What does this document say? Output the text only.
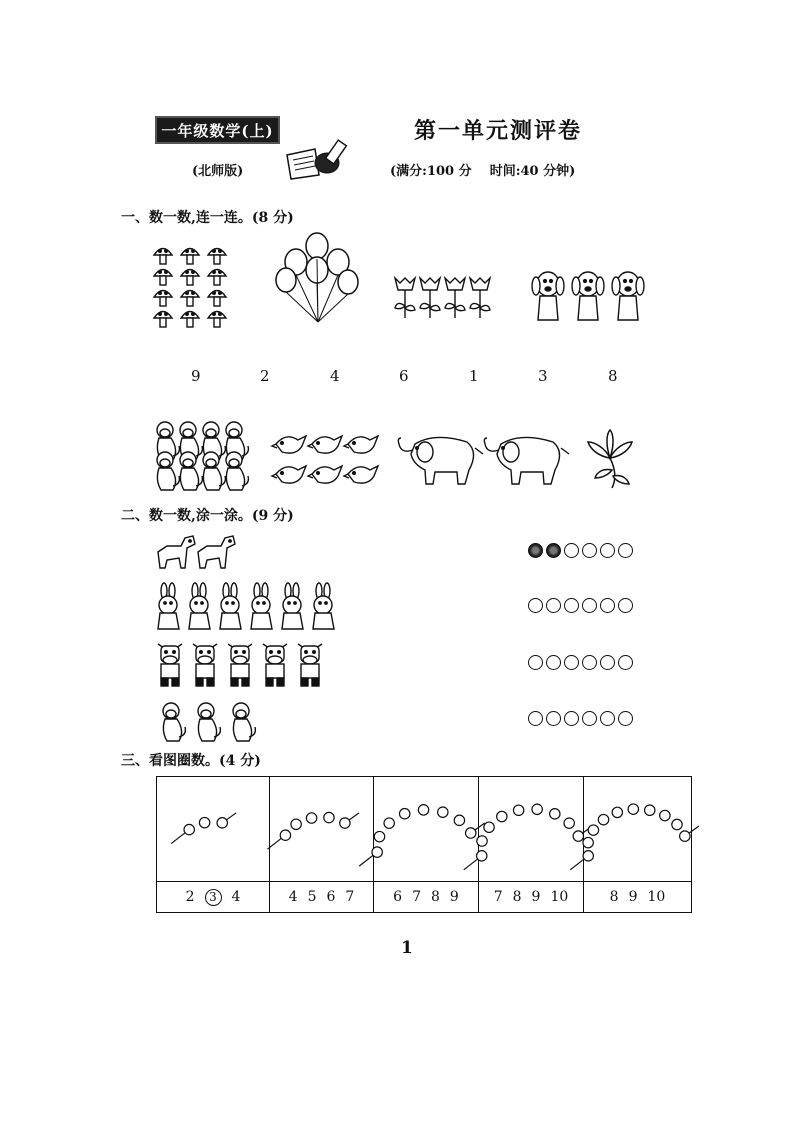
一年级数学(上)
(北师版)
第一单元测评卷
(满分:100 分    时间:40 分钟)
一、数一数,连一连。(8 分)
9	2	4	6	1	3	8
二、数一数,涂一涂。(9 分)
三、看图圈数。(4 分)

2 3 4	4 5 6 7	6 7 8 9	7 8 9 10	8 9 10
1
